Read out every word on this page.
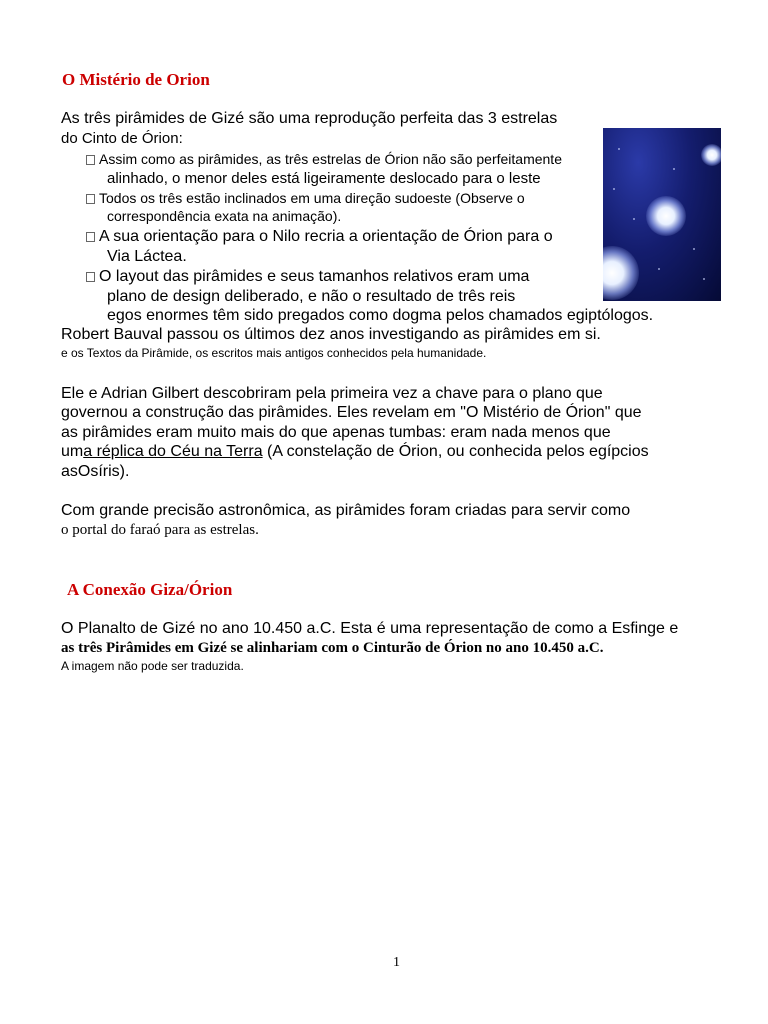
O Mistério de Orion
As três pirâmides de Gizé são uma reprodução perfeita das 3 estrelas
do Cinto de Órion:
Assim como as pirâmides, as três estrelas de Órion não são perfeitamente
alinhado, o menor deles está ligeiramente deslocado para o leste
Todos os três estão inclinados em uma direção sudoeste (Observe o
correspondência exata na animação).
A sua orientação para o Nilo recria a orientação de Órion para o
Via Láctea.
O layout das pirâmides e seus tamanhos relativos eram uma
plano de design deliberado, e não o resultado de três reis
egos enormes têm sido pregados como dogma pelos chamados egiptólogos.
Robert Bauval passou os últimos dez anos investigando as pirâmides em si.
e os Textos da Pirâmide, os escritos mais antigos conhecidos pela humanidade.
Ele e Adrian Gilbert descobriram pela primeira vez a chave para o plano que
governou a construção das pirâmides. Eles revelam em "O Mistério de Órion" que
as pirâmides eram muito mais do que apenas tumbas: eram nada menos que
uma réplica do Céu na Terra (A constelação de Órion, ou conhecida pelos egípcios
asOsíris).
Com grande precisão astronômica, as pirâmides foram criadas para servir como
o portal do faraó para as estrelas.
A Conexão Giza/Órion
O Planalto de Gizé no ano 10.450 a.C. Esta é uma representação de como a Esfinge e
as três Pirâmides em Gizé se alinhariam com o Cinturão de Órion no ano 10.450 a.C.
A imagem não pode ser traduzida.
1
